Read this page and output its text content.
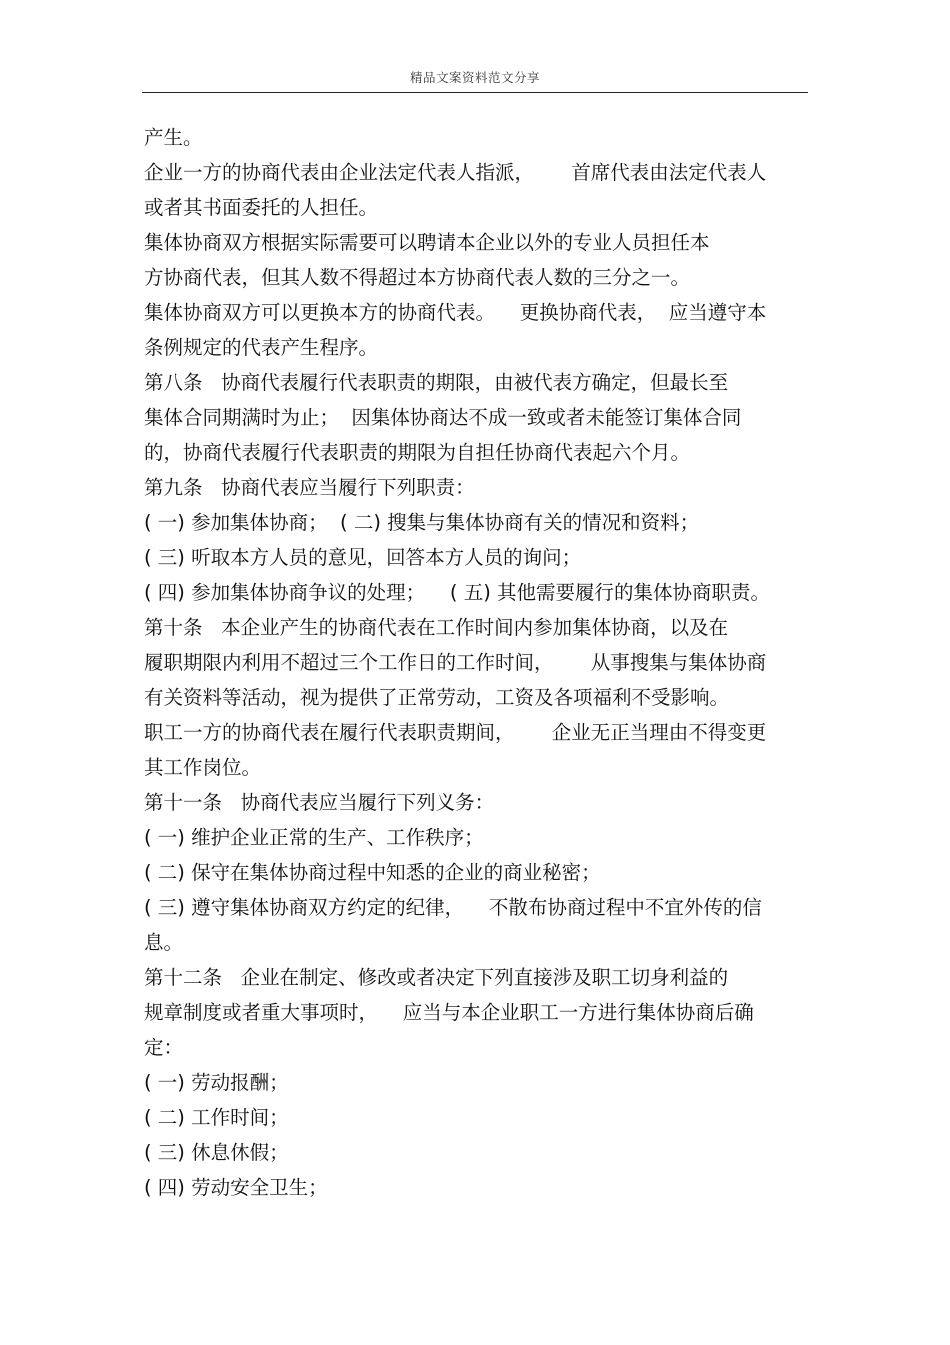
精品文案资料范文分享
产生。
企业一方的协商代表由企业法定代表人指派，      首席代表由法定代表人
或者其书面委托的人担任。
集体协商双方根据实际需要可以聘请本企业以外的专业人员担任本
方协商代表，但其人数不得超过本方协商代表人数的三分之一。
集体协商双方可以更换本方的协商代表。    更换协商代表，  应当遵守本
条例规定的代表产生程序。
第八条   协商代表履行代表职责的期限，由被代表方确定，但最长至
集体合同期满时为止；  因集体协商达不成一致或者未能签订集体合同
的，协商代表履行代表职责的期限为自担任协商代表起六个月。
第九条   协商代表应当履行下列职责：
( 一) 参加集体协商；  ( 二) 搜集与集体协商有关的情况和资料；
( 三) 听取本方人员的意见，回答本方人员的询问；
( 四) 参加集体协商争议的处理；    ( 五) 其他需要履行的集体协商职责。
第十条   本企业产生的协商代表在工作时间内参加集体协商，以及在
履职期限内利用不超过三个工作日的工作时间，      从事搜集与集体协商
有关资料等活动，视为提供了正常劳动，工资及各项福利不受影响。
职工一方的协商代表在履行代表职责期间，      企业无正当理由不得变更
其工作岗位。
第十一条   协商代表应当履行下列义务：
( 一) 维护企业正常的生产、工作秩序；
( 二) 保守在集体协商过程中知悉的企业的商业秘密；
( 三) 遵守集体协商双方约定的纪律，    不散布协商过程中不宜外传的信
息。
第十二条   企业在制定、修改或者决定下列直接涉及职工切身利益的
规章制度或者重大事项时，    应当与本企业职工一方进行集体协商后确
定：
( 一) 劳动报酬；
( 二) 工作时间；
( 三) 休息休假；
( 四) 劳动安全卫生；
